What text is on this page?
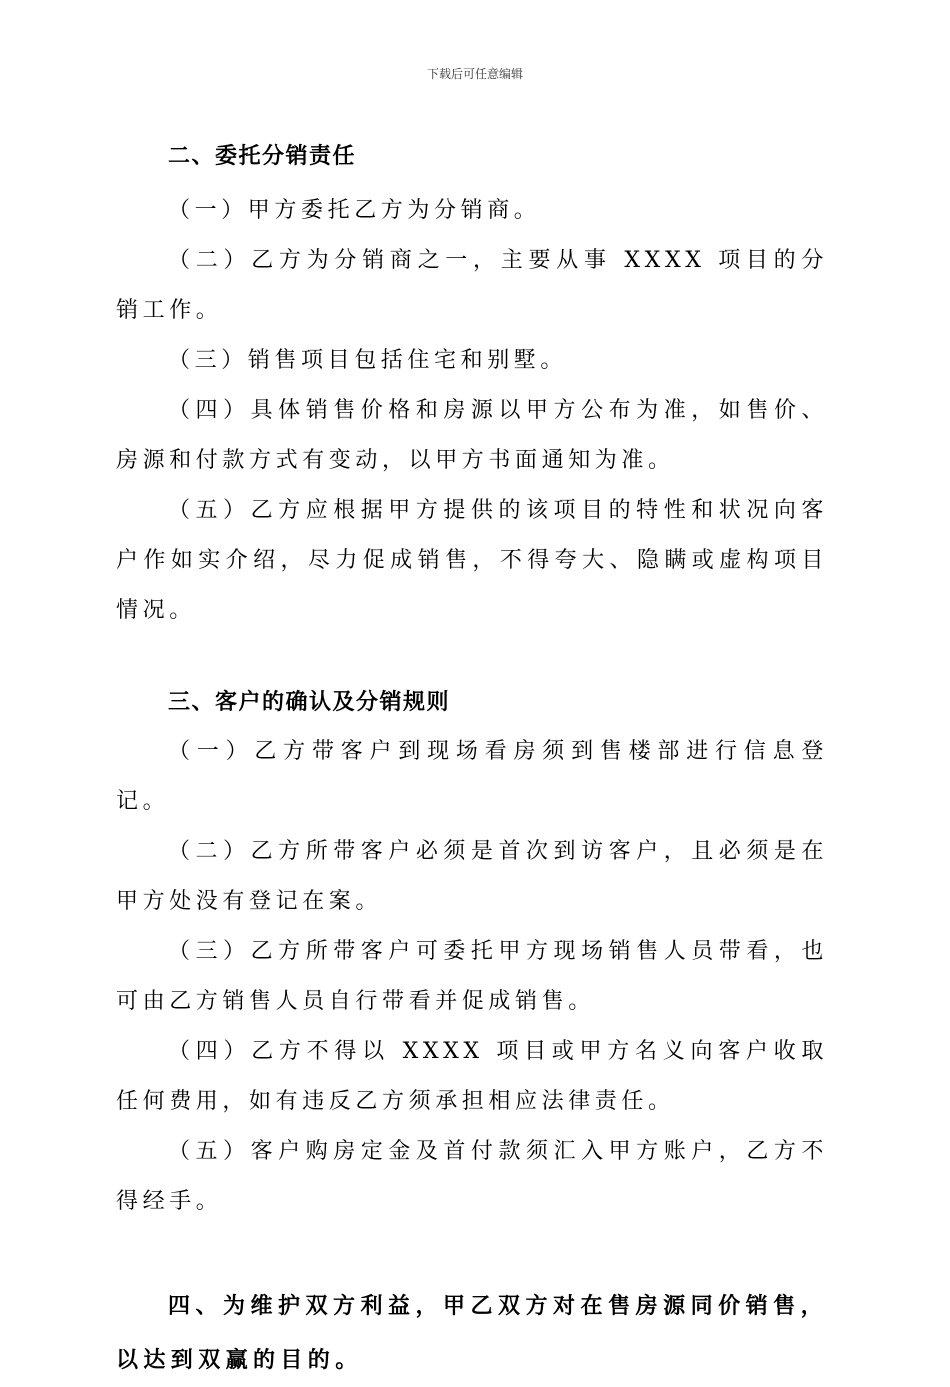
下载后可任意编辑

二、委托分销责任

（一）甲方委托乙方为分销商。

（二）乙方为分销商之一，主要从事 XXXX 项目的分销工作。

（三）销售项目包括住宅和别墅。

（四）具体销售价格和房源以甲方公布为准，如售价、房源和付款方式有变动，以甲方书面通知为准。

（五）乙方应根据甲方提供的该项目的特性和状况向客户作如实介绍，尽力促成销售，不得夸大、隐瞒或虚构项目情况。

三、客户的确认及分销规则

（一）乙方带客户到现场看房须到售楼部进行信息登记。

（二）乙方所带客户必须是首次到访客户，且必须是在甲方处没有登记在案。

（三）乙方所带客户可委托甲方现场销售人员带看，也可由乙方销售人员自行带看并促成销售。

（四）乙方不得以 XXXX 项目或甲方名义向客户收取任何费用，如有违反乙方须承担相应法律责任。

（五）客户购房定金及首付款须汇入甲方账户，乙方不得经手。

四、为维护双方利益，甲乙双方对在售房源同价销售，以达到双赢的目的。
